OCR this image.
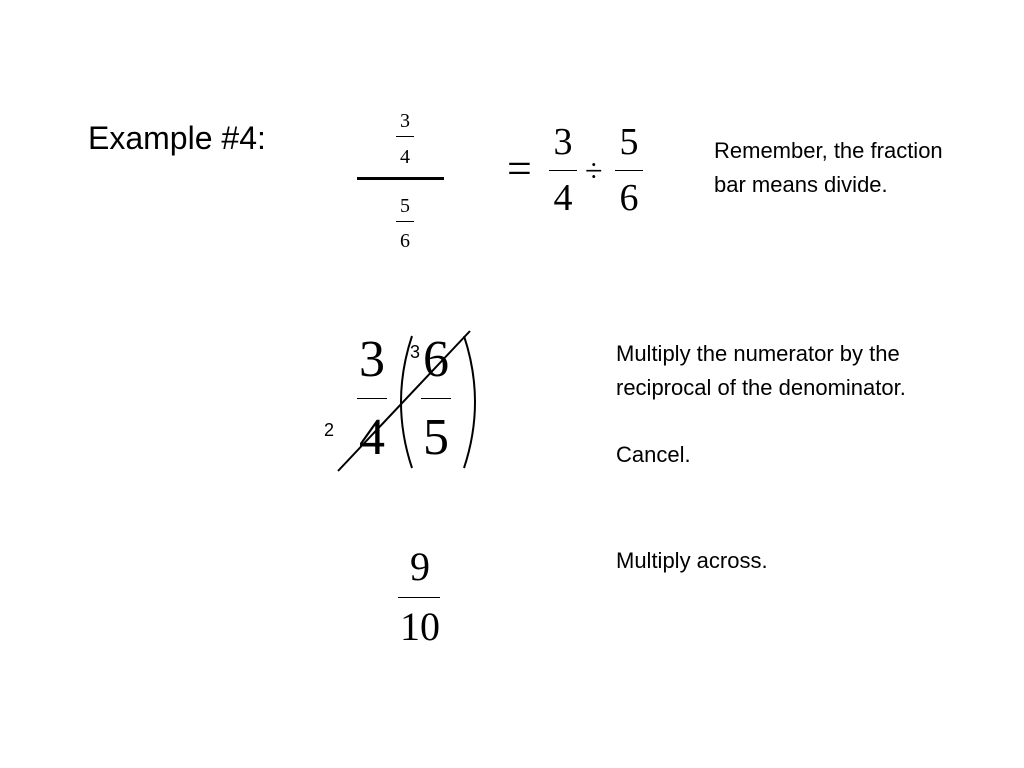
Example #4:	3
4
5
6
=
3
4
÷
5
6
Remember, the fraction
bar means divide.
3
4
6
5
3
2
Multiply the numerator by the
reciprocal of the denominator.
Cancel.
9
10
Multiply across.
